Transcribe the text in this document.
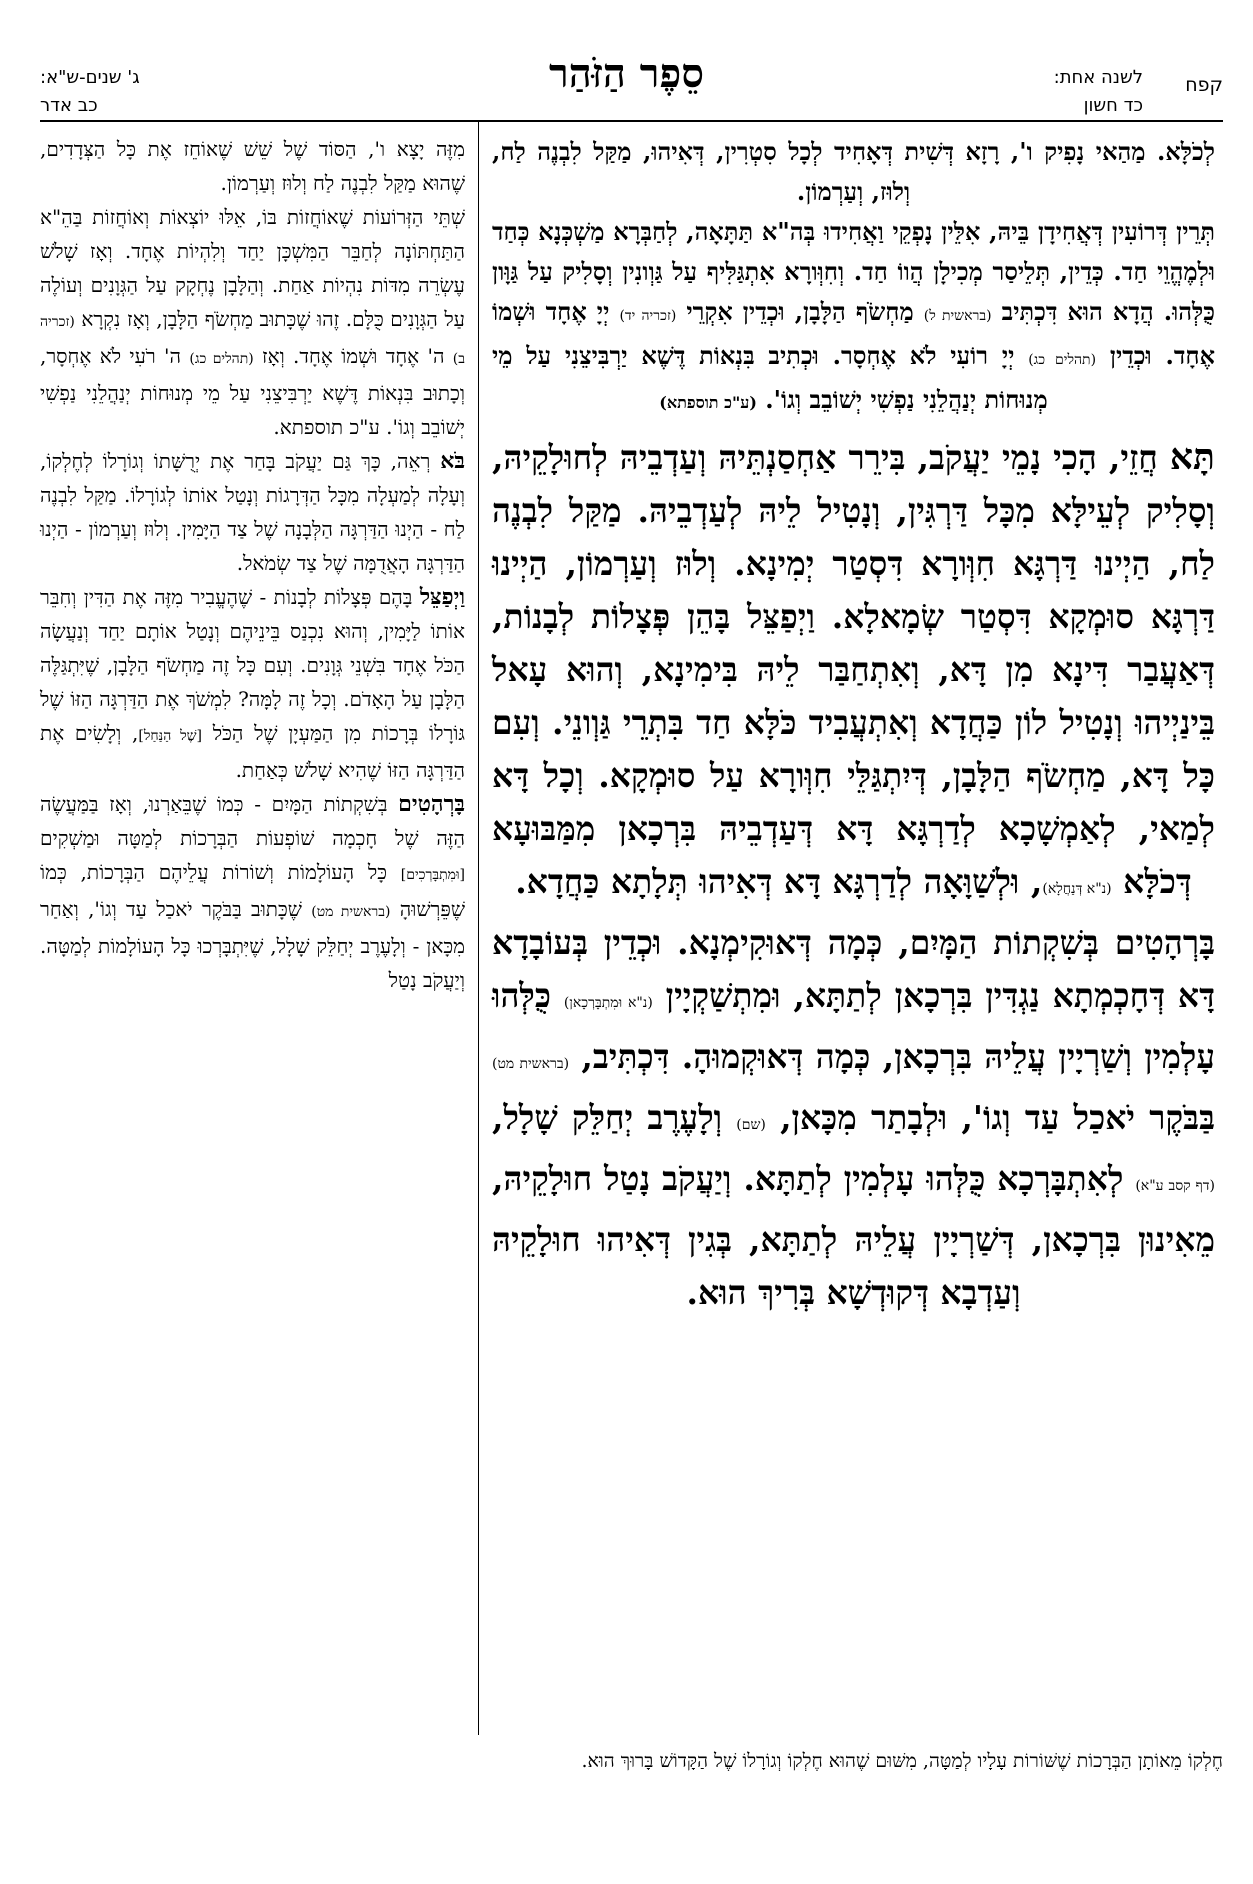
קפח
לשנה אחת:
כד חשון
סֵפֶר הַזֹּהַר
ג' שנים-ש"א:
כב אדר
לְכֹלָּא. מַהַאי נָפִיק ו', רָזָא דְּשִׁית דְּאָחִיד לְכָל סִטְרִין, דְּאִיהוּ, מַקַּל לִבְנֶה לַח, וְלוּז, וְעַרְמוֹן.
תְּרֵין דְּרוֹעִין דְּאֲחִידָן בֵּיהּ, אִלֵּין נָפְקֵי וַאֲחִידוּ בְּה"א תַּתָּאָה, לְחַבְּרָא מַשְׁכְּנָא כְּחַד וּלְמֶהֱוֵי חַד. כְּדֵין, תְּלֵיסַר מְכִילָן הֲווֹ חַד. וְחִוְּורָא אִתְגַּלִּיף עַל גַּוְונִין וְסָלִיק עַל גַּוָּון כֻּלְּהוּ. הֲדָא הוּא דִּכְתִּיב (בראשית ל) מַחְשֹׂף הַלָּבָן, וּכְדֵין אִקְרֵי (זכריה יד) יְיָ אֶחָד וּשְׁמוֹ אֶחָד. וּכְדֵין (תהלים כג) יְיָ רוֹעִי לֹא אֶחְסָר. וּכְתִיב בִּנְאוֹת דֶּשֶׁא יַרְבִּיצֵנִי עַל מֵי מְנוּחוֹת יְנַהֲלֵנִי נַפְשִׁי יְשׁוֹבֵב וְגוֹ'. (ע"כ תוספתא)

תָּא חֲזֵי, הָכִי נָמֵי יַעֲקֹב, בִּירֵר אַחְסַנְתֵּיהּ וְעַדְבֵיהּ לְחוּלָקֵיהּ, וְסָלִיק לְעֵילָּא מִכָּל דַּרְגִּין, וְנָטִיל לֵיהּ לְעַדְבֵיהּ. מַקַּל לִבְנֶה לַח, הַיְינוּ דַּרְגָּא חִוְּורָא דִּסְטַר יְמִינָא. וְלוּז וְעַרְמוֹן, הַיְינוּ דַּרְגָּא סוּמְקָא דִּסְטַר שְׂמָאלָא. וַיְפַצֵּל בָּהֵן פְּצָלוֹת לְבָנוֹת, דְּאַעֲבַר דִּינָא מִן דָּא, וְאִתְחַבַּר לֵיהּ בִּימִינָא, וְהוּא עָאל בֵּינַיְיהוּ וְנָטִיל לוֹן כַּחֲדָא וְאִתְעֲבִיד כֹּלָּא חַד בִּתְרֵי גַּוְונֵי. וְעִם כָּל דָּא, מַחְשֹׂף הַלָּבָן, דְּיִתְגַּלֵּי חִוְּורָא עַל סוּמְקָא. וְכָל דָּא לְמַאי, לְאַמְשָׁכָא לְדַרְגָּא דָּא דְּעַדְבֵיהּ בִּרְכָאן מִמַּבּוּעָא דְּכֹלָּא (נ"א דְּנַחֲלָא), וּלְשַׁוָּאָה לְדַרְגָּא דָּא דְּאִיהוּ תְּלָתָא כַּחֲדָא.

בָּרְהָטִים בְּשִׁקְתוֹת הַמָּיִם, כְּמָה דְּאוּקִימְנָא. וּכְדֵין בְּעוֹבָדָא דָּא דְּחָכְמְתָא נַגְדִּין בִּרְכָאן לְתַתָּא, וּמִתְשַׁקְיָין (נ"א וּמִתְבָּרְכָאן) כֻּלְּהוּ עָלְמִין וְשַׁרְיָין עֲלֵיהּ בִּרְכָאן, כְּמָה דְּאוּקְמוּהָ. דִּכְתִּיב, (בראשית מט) בַּבֹּקֶר יֹאכַל עַד וְגוֹ', וּלְבָתַר מִכָּאן, (שם) וְלָעֶרֶב יְחַלֵּק שָׁלָל, (דף קסב ע"א) לְאִתְבָּרְכָא כֻּלְּהוּ עָלְמִין לְתַתָּא. וְיַעֲקֹב נָטַל חוּלָקֵיהּ, מֵאִינוּן בִּרְכָאן, דְּשַׁרְיָין עֲלֵיהּ לְתַתָּא, בְּגִין דְּאִיהוּ חוּלָקֵיהּ וְעַדְבָא דְּקוּדְשָׁא בְּרִיךְ הוּא.

מִזֶּה יָצָא ו', הַסּוֹד שֶׁל שֵׁשׁ שֶׁאוֹחֵז אֶת כָּל הַצְּדָדִים, שֶׁהוּא מַקַּל לִבְנֶה לַח וְלוּז וְעַרְמוֹן.

שְׁתֵּי הַזְּרוֹעוֹת שֶׁאוֹחֲזוֹת בּוֹ, אֵלּוּ יוֹצְאוֹת וְאוֹחֲזוֹת בַּהֵ"א הַתַּחְתּוֹנָה לְחַבֵּר הַמִּשְׁכָּן יַחַד וְלִהְיוֹת אֶחָד. וְאָז שָׁלֹשׁ עֶשְׂרֵה מִדּוֹת נִהְיוֹת אַחַת. וְהַלָּבָן נֶחְקָק עַל הַגְּוָנִים וְעוֹלֶה עַל הַגְּוָנִים כֻּלָּם. זֶהוּ שֶׁכָּתוּב מַחְשֹׂף הַלָּבָן, וְאָז נִקְרָא (זכריה ב) ה' אֶחָד וּשְׁמוֹ אֶחָד. וְאָז (תהלים כג) ה' רֹעִי לֹא אֶחְסָר, וְכָתוּב בִּנְאוֹת דֶּשֶׁא יַרְבִּיצֵנִי עַל מֵי מְנוּחוֹת יְנַהֲלֵנִי נַפְשִׁי יְשׁוֹבֵב וְגוֹ'. ע"כ תוספתא.

בֹּא רְאֵה, כָּךְ גַּם יַעֲקֹב בָּחַר אֶת יְרֻשָּׁתוֹ וְגוֹרָלוֹ לְחֶלְקוֹ, וְעָלָה לְמַעְלָה מִכָּל הַדְּרָגוֹת וְנָטַל אוֹתוֹ לְגוֹרָלוֹ. מַקַּל לִבְנֶה לַח - הַיְנוּ הַדַּרְגָּה הַלְּבָנָה שֶׁל צַד הַיָּמִין. וְלוּז וְעַרְמוֹן - הַיְנוּ הַדַּרְגָּה הָאֲדֻמָּה שֶׁל צַד שְׂמֹאל.

וַיְפַצֵּל בָּהֶם פְּצָלוֹת לְבָנוֹת - שֶׁהֶעֱבִיר מִזֶּה אֶת הַדִּין וְחִבֵּר אוֹתוֹ לַיָּמִין, וְהוּא נִכְנַס בֵּינֵיהֶם וְנָטַל אוֹתָם יַחַד וְנַעֲשָׂה הַכֹּל אֶחָד בִּשְׁנֵי גְּוָנִים. וְעִם כָּל זֶה מַחְשֹׂף הַלָּבָן, שֶׁיִּתְגַּלֶּה הַלָּבָן עַל הָאָדֹם. וְכָל זֶה לָמָּה? לִמְשֹׁךְ אֶת הַדַּרְגָּה הַזּוֹ שֶׁל גּוֹרָלוֹ בְּרָכוֹת מִן הַמַּעְיָן שֶׁל הַכֹּל [שֶׁל הַנַּחַל], וְלָשִׂים אֶת הַדַּרְגָּה הַזּוֹ שֶׁהִיא שָׁלֹשׁ כְּאַחַת.

בָּרְהָטִים בְּשִׁקְתוֹת הַמָּיִם - כְּמוֹ שֶׁבֵּאַרְנוּ, וְאָז בַּמַּעֲשֶׂה הַזֶּה שֶׁל חָכְמָה שׁוֹפְעוֹת הַבְּרָכוֹת לְמַטָּה וּמַשְׁקִים [וּמִתְבָּרְכִים] כָּל הָעוֹלָמוֹת וְשׁוֹרוֹת עֲלֵיהֶם הַבְּרָכוֹת, כְּמוֹ שֶׁפֵּרְשׁוּהָ (בראשית מט) שֶׁכָּתוּב בַּבֹּקֶר יֹאכַל עַד וְגוֹ', וְאַחַר מִכָּאן - וְלָעֶרֶב יְחַלֵּק שָׁלָל, שֶׁיִּתְבָּרְכוּ כָּל הָעוֹלָמוֹת לְמַטָּה. וְיַעֲקֹב נָטַל

חֶלְקוֹ מֵאוֹתָן הַבְּרָכוֹת שֶׁשּׁוֹרוֹת עָלָיו לְמַטָּה, מִשּׁוּם שֶׁהוּא חֶלְקוֹ וְגוֹרָלוֹ שֶׁל הַקָּדוֹשׁ בָּרוּךְ הוּא.
